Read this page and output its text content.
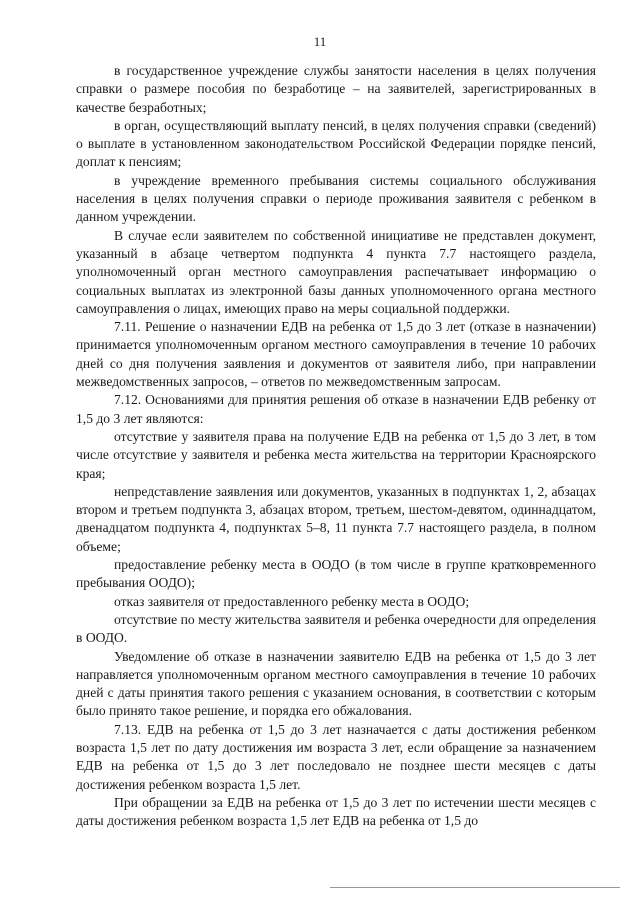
11

в государственное учреждение службы занятости населения в целях получения справки о размере пособия по безработице – на заявителей, зарегистрированных в качестве безработных;

в орган, осуществляющий выплату пенсий, в целях получения справки (сведений) о выплате в установленном законодательством Российской Федерации порядке пенсий, доплат к пенсиям;

в учреждение временного пребывания системы социального обслуживания населения в целях получения справки о периоде проживания заявителя с ребенком в данном учреждении.

В случае если заявителем по собственной инициативе не представлен документ, указанный в абзаце четвертом подпункта 4 пункта 7.7 настоящего раздела, уполномоченный орган местного самоуправления распечатывает информацию о социальных выплатах из электронной базы данных уполномоченного органа местного самоуправления о лицах, имеющих право на меры социальной поддержки.

7.11. Решение о назначении ЕДВ на ребенка от 1,5 до 3 лет (отказе в назначении) принимается уполномоченным органом местного самоуправления в течение 10 рабочих дней со дня получения заявления и документов от заявителя либо, при направлении межведомственных запросов, – ответов по межведомственным запросам.

7.12. Основаниями для принятия решения об отказе в назначении ЕДВ ребенку от 1,5 до 3 лет являются:

отсутствие у заявителя права на получение ЕДВ на ребенка от 1,5 до 3 лет, в том числе отсутствие у заявителя и ребенка места жительства на территории Красноярского края;

непредставление заявления или документов, указанных в подпунктах 1, 2, абзацах втором и третьем подпункта 3, абзацах втором, третьем, шестом-девятом, одиннадцатом, двенадцатом подпункта 4, подпунктах 5–8, 11 пункта 7.7 настоящего раздела, в полном объеме;

предоставление ребенку места в ООДО (в том числе в группе кратковременного пребывания ООДО);

отказ заявителя от предоставленного ребенку места в ООДО;

отсутствие по месту жительства заявителя и ребенка очередности для определения в ООДО.

Уведомление об отказе в назначении заявителю ЕДВ на ребенка от 1,5 до 3 лет направляется уполномоченным органом местного самоуправления в течение 10 рабочих дней с даты принятия такого решения с указанием основания, в соответствии с которым было принято такое решение, и порядка его обжалования.

7.13. ЕДВ на ребенка от 1,5 до 3 лет назначается с даты достижения ребенком возраста 1,5 лет по дату достижения им возраста 3 лет, если обращение за назначением ЕДВ на ребенка от 1,5 до 3 лет последовало не позднее шести месяцев с даты достижения ребенком возраста 1,5 лет.

При обращении за ЕДВ на ребенка от 1,5 до 3 лет по истечении шести месяцев с даты достижения ребенком возраста 1,5 лет ЕДВ на ребенка от 1,5 до
